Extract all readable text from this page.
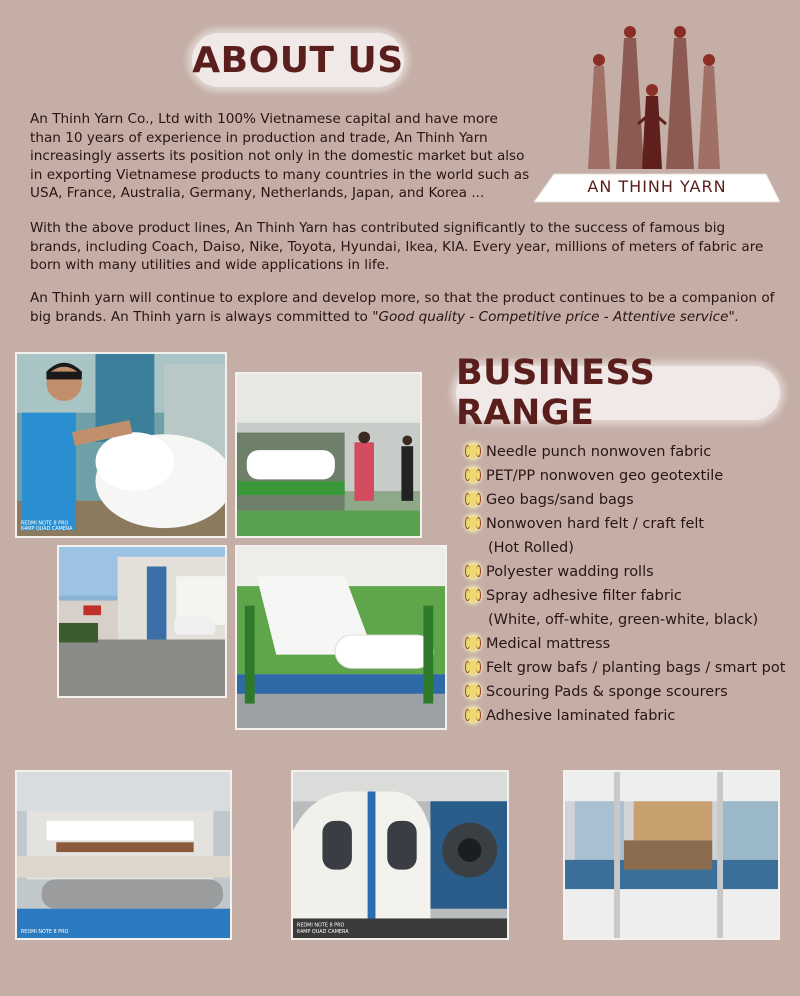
ABOUT US
AN THINH YARN

An Thinh Yarn Co., Ltd with 100% Vietnamese capital and have more than 10 years of experience in production and trade, An Thinh Yarn increasingly asserts its position not only in the domestic market but also in exporting Vietnamese products to many countries in the world such as USA, France, Australia, Germany, Netherlands, Japan, and Korea ...

With the above product lines, An Thinh Yarn has contributed significantly to the success of famous big brands, including Coach, Daiso, Nike, Toyota, Hyundai, Ikea, KIA. Every year, millions of meters of fabric are born with many utilities and wide applications in life.

An Thinh yarn will continue to explore and develop more, so that the product continues to be a companion of big brands. An Thinh yarn is always committed to "Good quality - Competitive price - Attentive service".

REDMI NOTE 8 PRO
64MP QUAD CAMERA
REDMI NOTE 8 PRO
REDMI NOTE 8 PRO
64MP QUAD CAMERA
BUSINESS RANGE
Needle punch nonwoven fabric
PET/PP nonwoven geo geotextile
Geo bags/sand bags
Nonwoven hard felt / craft felt
(Hot Rolled)
Polyester wadding rolls
Spray adhesive filter fabric
(White, off-white, green-white, black)
Medical mattress
Felt grow bafs / planting bags / smart pot
Scouring Pads & sponge scourers
Adhesive laminated fabric
